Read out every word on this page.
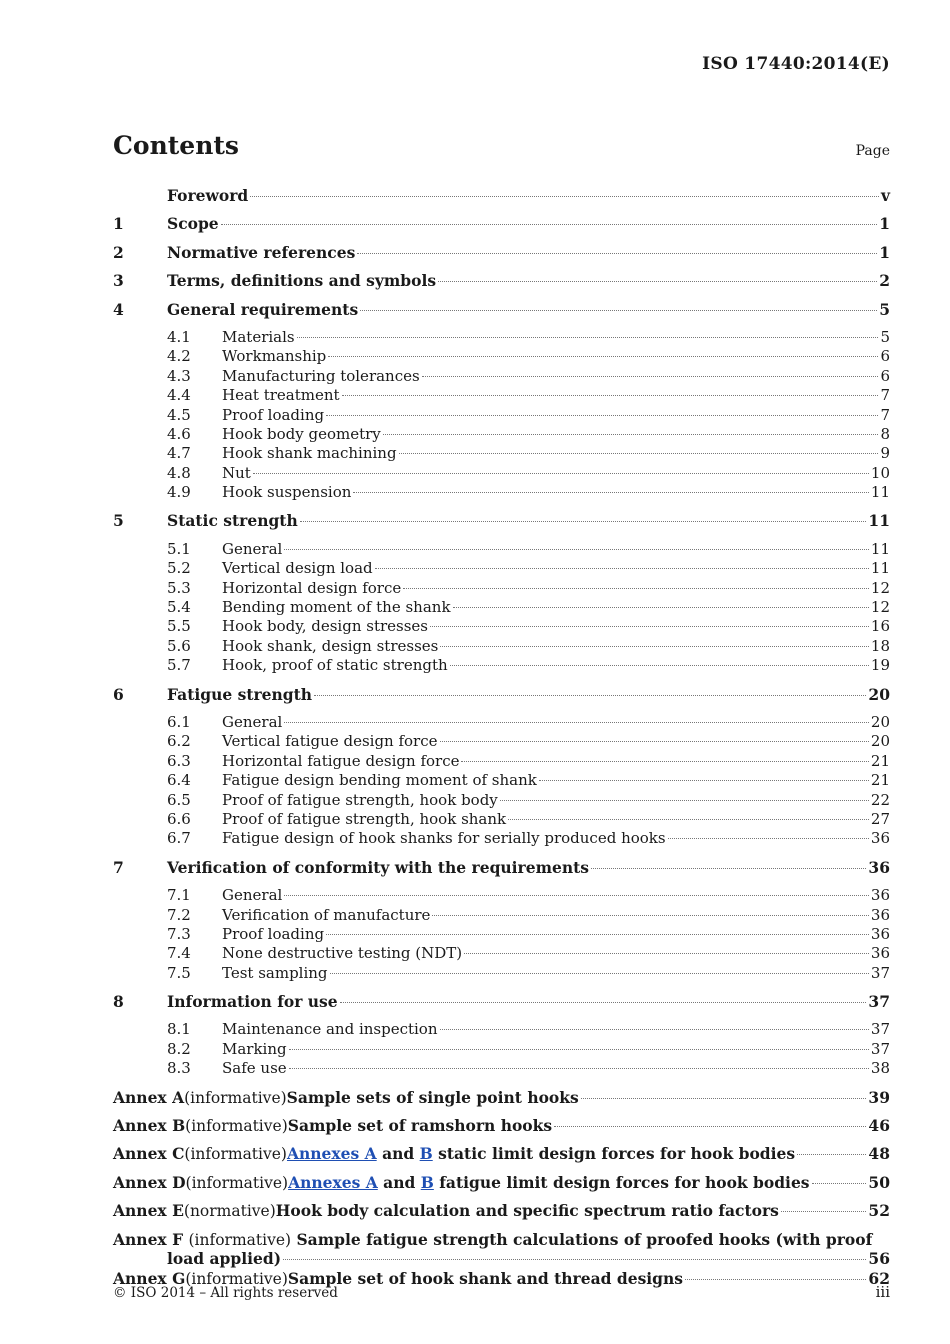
ISO 17440:2014(E)
Contents	Page
Foreword	v
1	Scope	1
2	Normative references	1
3	Terms, definitions and symbols	2
4	General requirements	5
4.1	Materials	5
4.2	Workmanship	6
4.3	Manufacturing tolerances	6
4.4	Heat treatment	7
4.5	Proof loading	7
4.6	Hook body geometry	8
4.7	Hook shank machining	9
4.8	Nut	10
4.9	Hook suspension	11
5	Static strength	11
5.1	General	11
5.2	Vertical design load	11
5.3	Horizontal design force	12
5.4	Bending moment of the shank	12
5.5	Hook body, design stresses	16
5.6	Hook shank, design stresses	18
5.7	Hook, proof of static strength	19
6	Fatigue strength	20
6.1	General	20
6.2	Vertical fatigue design force	20
6.3	Horizontal fatigue design force	21
6.4	Fatigue design bending moment of shank	21
6.5	Proof of fatigue strength, hook body	22
6.6	Proof of fatigue strength, hook shank	27
6.7	Fatigue design of hook shanks for serially produced hooks	36
7	Verification of conformity with the requirements	36
7.1	General	36
7.2	Verification of manufacture	36
7.3	Proof loading	36
7.4	None destructive testing (NDT)	36
7.5	Test sampling	37
8	Information for use	37
8.1	Maintenance and inspection	37
8.2	Marking	37
8.3	Safe use	38
Annex A (informative) Sample sets of single point hooks	39
Annex B (informative) Sample set of ramshorn hooks	46
Annex C (informative) Annexes A and B static limit design forces for hook bodies	48
Annex D (informative) Annexes A and B fatigue limit design forces for hook bodies	50
Annex E (normative) Hook body calculation and specific spectrum ratio factors	52
Annex F (informative) Sample fatigue strength calculations of proofed hooks (with proof
load applied)	56
Annex G (informative) Sample set of hook shank and thread designs	62
© ISO 2014 – All rights reserved	iii
